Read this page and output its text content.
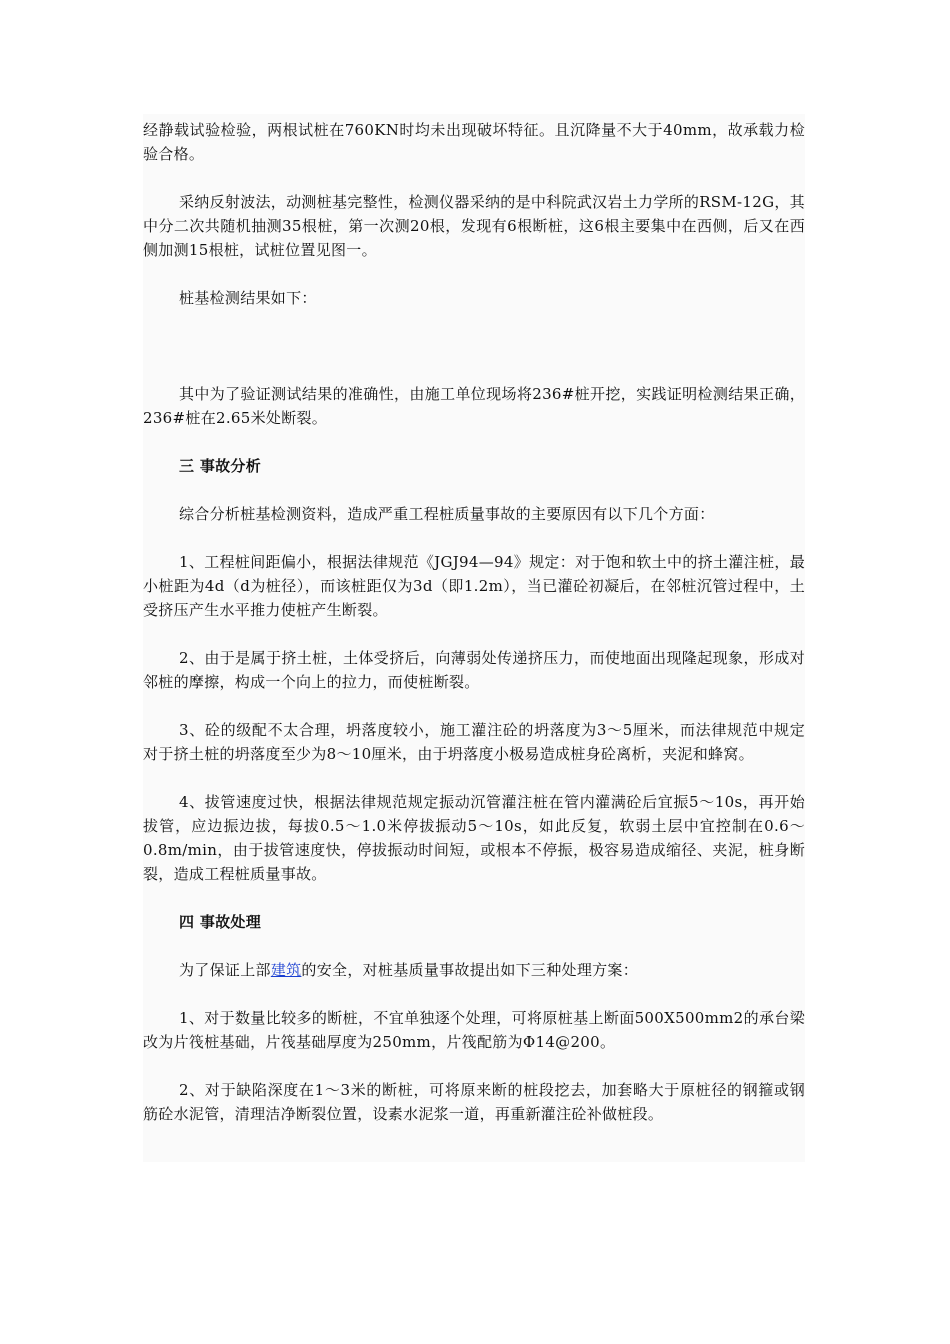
经静载试验检验，两根试桩在760KN时均未出现破坏特征。且沉降量不大于40mm，故承载力检验合格。

采纳反射波法，动测桩基完整性，检测仪器采纳的是中科院武汉岩土力学所的RSM-12G，其中分二次共随机抽测35根桩，第一次测20根，发现有6根断桩，这6根主要集中在西侧，后又在西侧加测15根桩，试桩位置见图一。

桩基检测结果如下：

其中为了验证测试结果的准确性，由施工单位现场将236#桩开挖，实践证明检测结果正确，236#桩在2.65米处断裂。

三 事故分析

综合分析桩基检测资料，造成严重工程桩质量事故的主要原因有以下几个方面：

1、工程桩间距偏小，根据法律规范《JGJ94—94》规定：对于饱和软土中的挤土灌注桩，最小桩距为4d（d为桩径），而该桩距仅为3d（即1.2m），当已灌砼初凝后，在邻桩沉管过程中，土受挤压产生水平推力使桩产生断裂。

2、由于是属于挤土桩，土体受挤后，向薄弱处传递挤压力，而使地面出现隆起现象，形成对邻桩的摩擦，构成一个向上的拉力，而使桩断裂。

3、砼的级配不太合理，坍落度较小，施工灌注砼的坍落度为3～5厘米，而法律规范中规定对于挤土桩的坍落度至少为8～10厘米，由于坍落度小极易造成桩身砼离析，夹泥和蜂窝。

4、拔管速度过快，根据法律规范规定振动沉管灌注桩在管内灌满砼后宜振5～10s，再开始拔管，应边振边拔，每拔0.5～1.0米停拔振动5～10s，如此反复，软弱土层中宜控制在0.6～0.8m/min，由于拔管速度快，停拔振动时间短，或根本不停振，极容易造成缩径、夹泥，桩身断裂，造成工程桩质量事故。

四 事故处理

为了保证上部建筑的安全，对桩基质量事故提出如下三种处理方案：

1、对于数量比较多的断桩，不宜单独逐个处理，可将原桩基上断面500X500mm2的承台梁改为片筏桩基础，片筏基础厚度为250mm，片筏配筋为Φ14@200。

2、对于缺陷深度在1～3米的断桩，可将原来断的桩段挖去，加套略大于原桩径的钢箍或钢筋砼水泥管，清理洁净断裂位置，设素水泥浆一道，再重新灌注砼补做桩段。
